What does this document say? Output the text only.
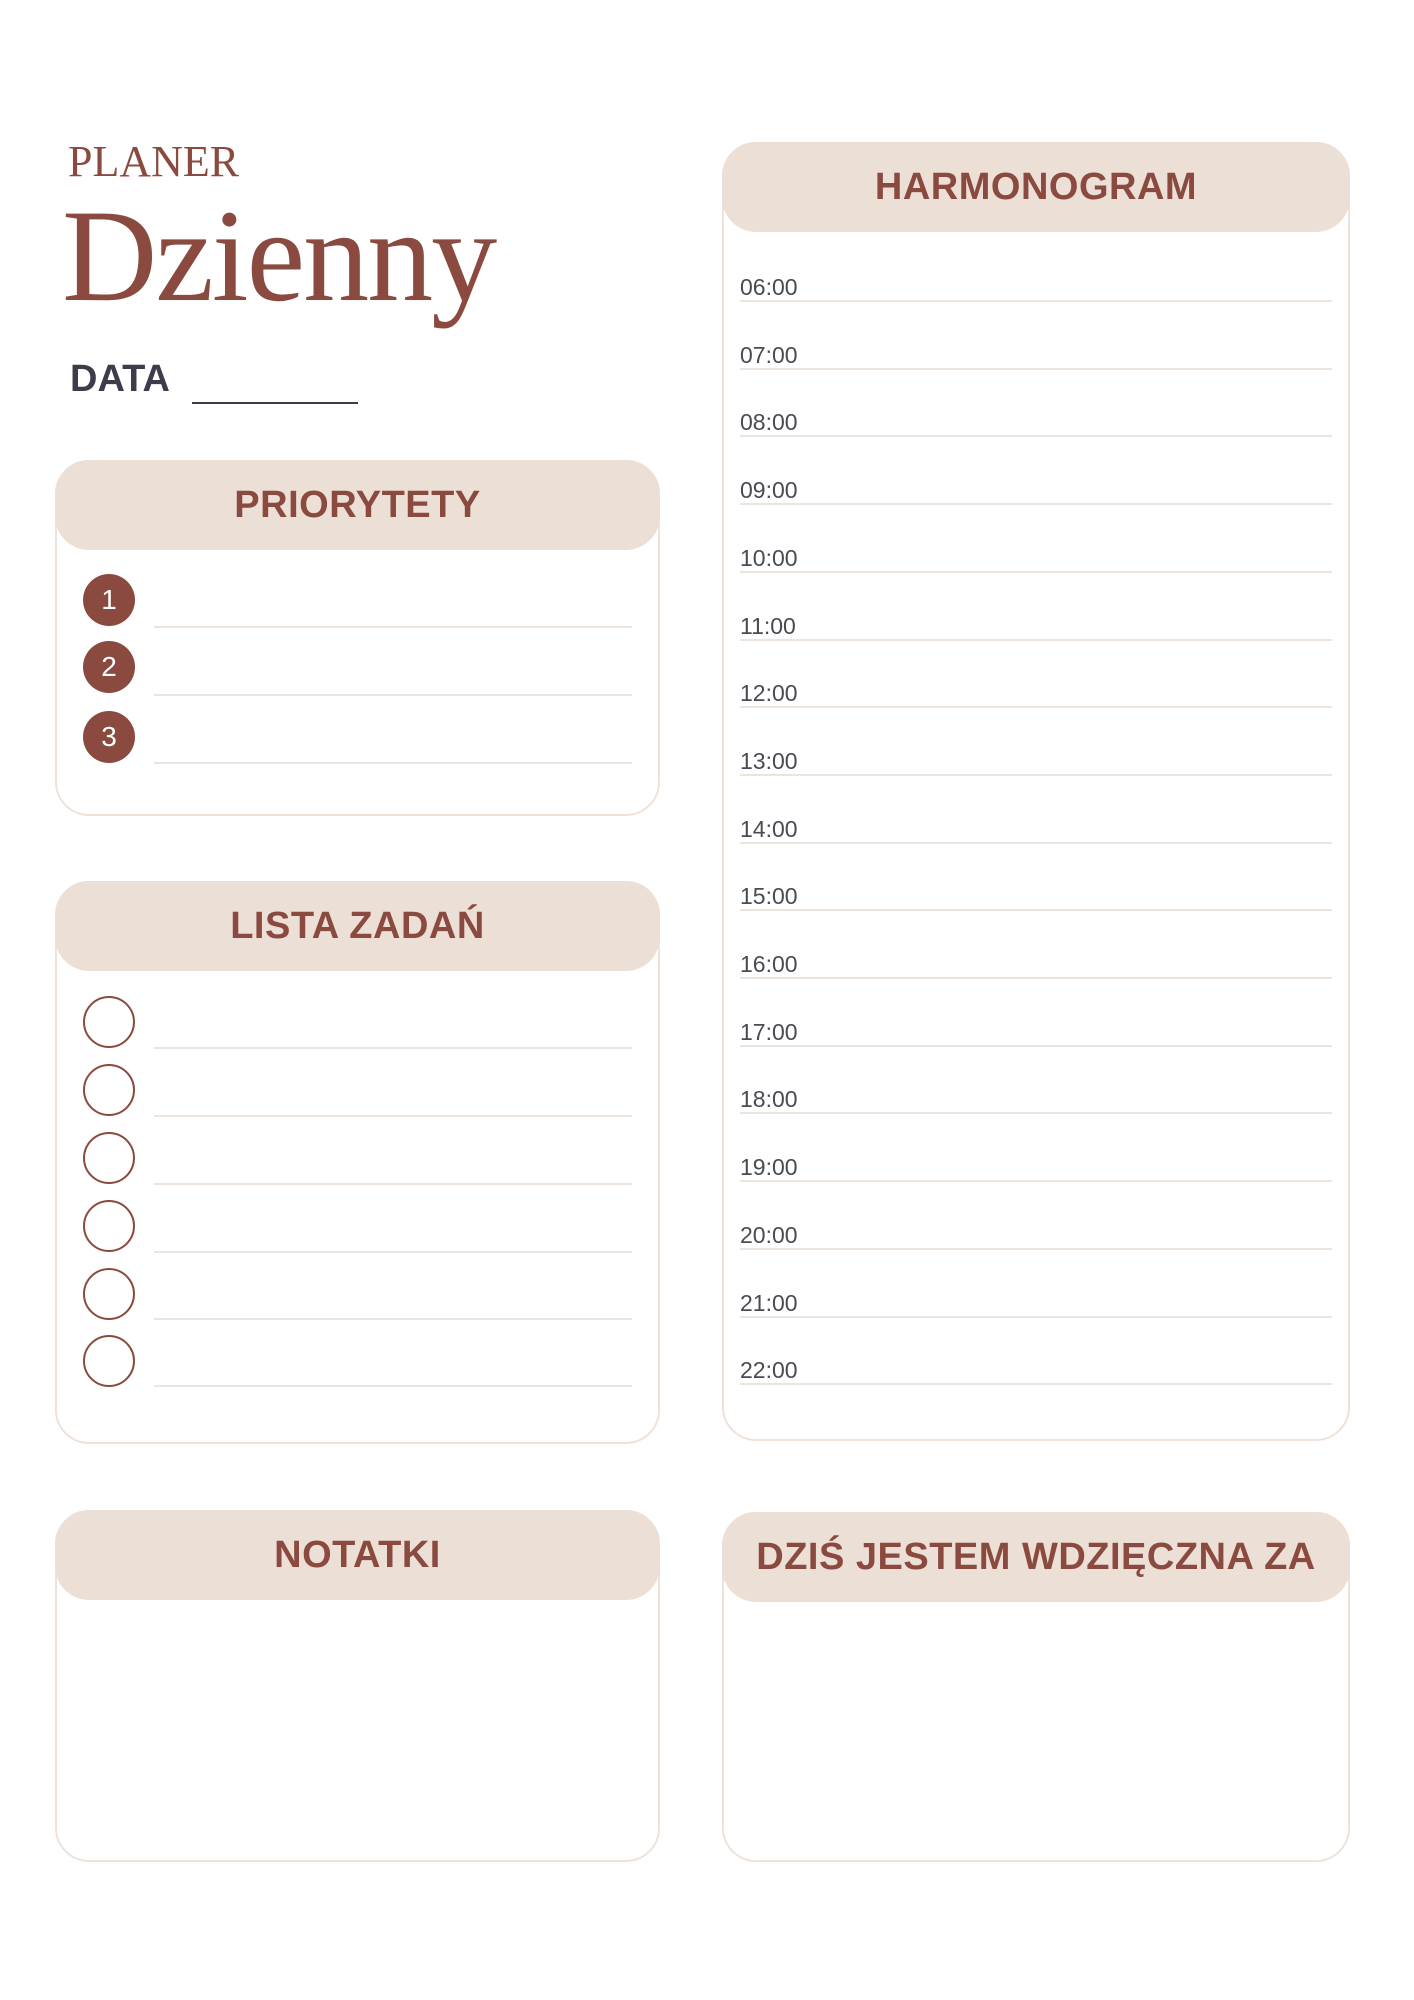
PLANER
Dzienny
DATA
PRIORYTETY
1
2
3
LISTA ZADAŃ
HARMONOGRAM
06:00
07:00
08:00
09:00
10:00
11:00
12:00
13:00
14:00
15:00
16:00
17:00
18:00
19:00
20:00
21:00
22:00
NOTATKI	DZIŚ JESTEM WDZIĘCZNA ZA
